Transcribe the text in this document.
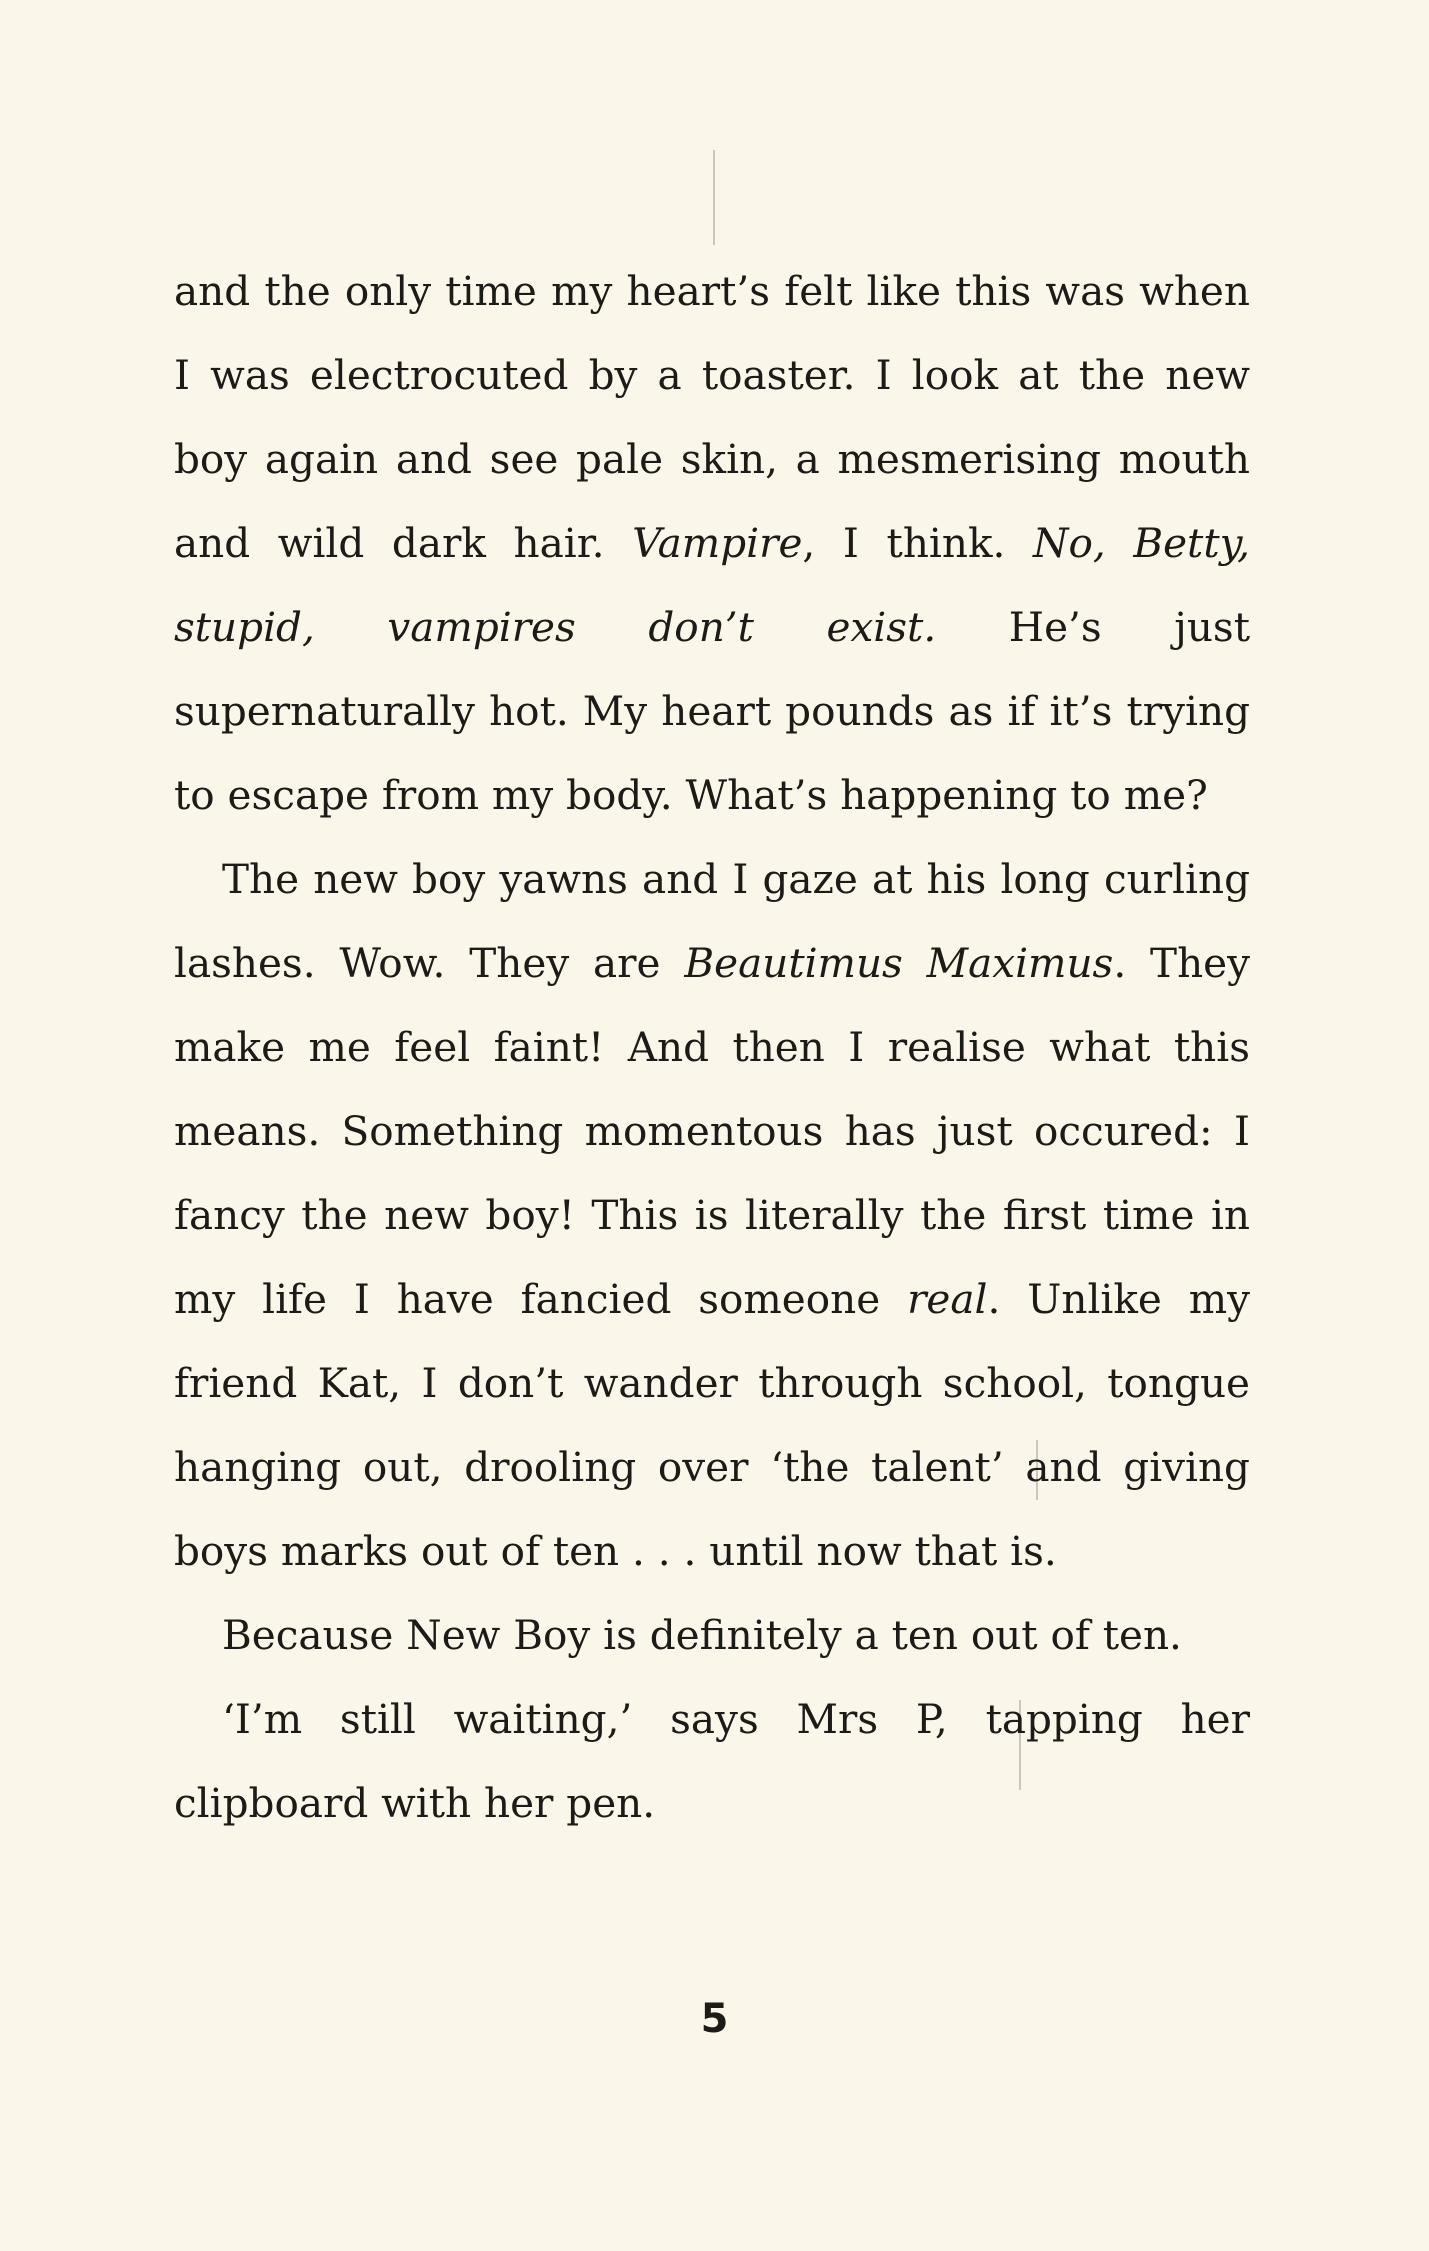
and the only time my heart’s felt like this was when I was electrocuted by a toaster. I look at the new boy again and see pale skin, a mesmerising mouth and wild dark hair. Vampire, I think. No, Betty, stupid, vampires don’t exist. He’s just supernaturally hot. My heart pounds as if it’s trying to escape from my body. What’s happening to me?

The new boy yawns and I gaze at his long curling lashes. Wow. They are Beautimus Maximus. They make me feel faint! And then I realise what this means. Something momentous has just occured: I fancy the new boy! This is literally the first time in my life I have fancied someone real. Unlike my friend Kat, I don’t wander through school, tongue hanging out, drooling over ‘the talent’ and giving boys marks out of ten . . . until now that is.

Because New Boy is definitely a ten out of ten.

‘I’m still waiting,’ says Mrs P, tapping her clipboard with her pen.

5
